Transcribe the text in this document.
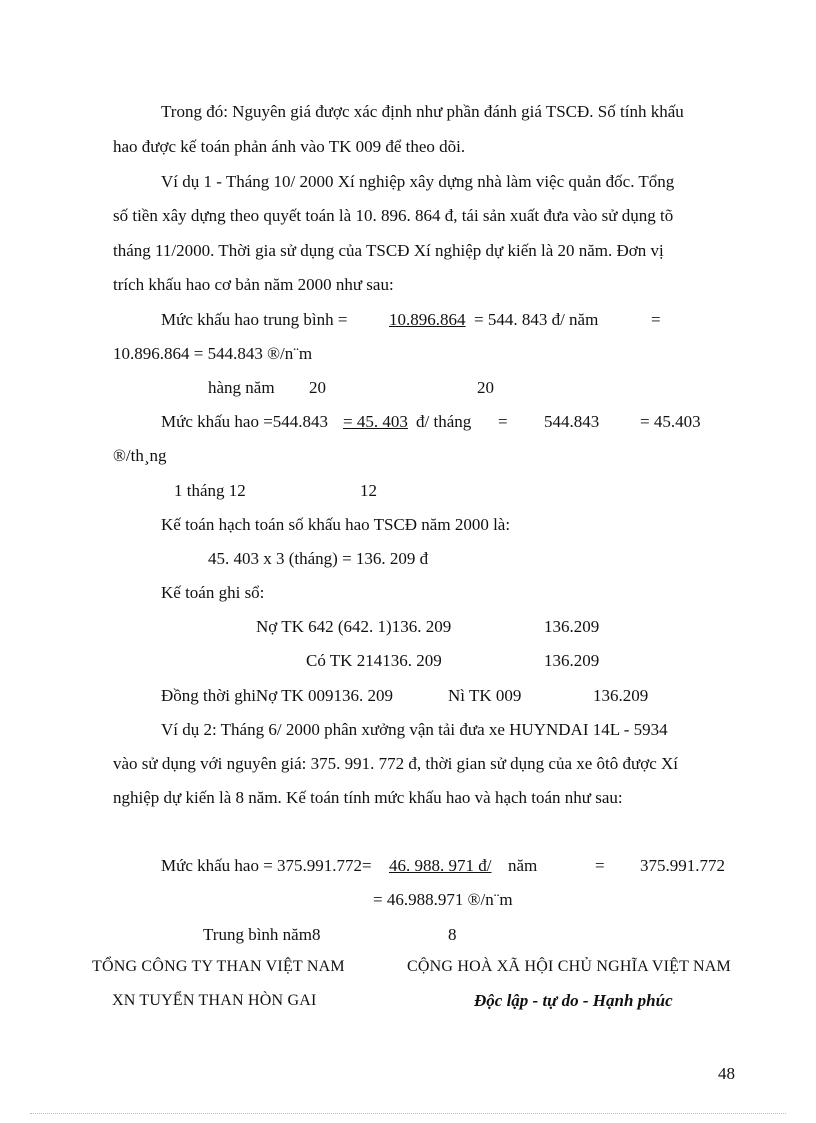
Trong đó: Nguyên giá được xác định như phần đánh giá TSCĐ. Số tính khấu
hao được kế toán phản ánh vào TK 009 để theo dõi.
Ví dụ 1 - Tháng 10/ 2000 Xí nghiệp xây dựng nhà làm việc quản đốc. Tổng
số tiền xây dựng theo quyết toán là 10. 896. 864 đ, tái sản xuất đưa vào sử dụng tõ
tháng 11/2000. Thời gia sử dụng của TSCĐ Xí nghiệp dự kiến là 20 năm. Đơn vị
trích khấu hao cơ bản năm 2000 như sau:
Mức khấu hao trung bình = 10.896.864 = 544. 843 đ/ năm	=
10.896.864 = 544.843 ®/n¨m
hàng năm 20	20
Mức khấu hao =544.843 = 45. 403 đ/ tháng = 544.843 = 45.403
®/th¸ng
1 tháng 12	12
Kế toán hạch toán số khấu hao TSCĐ năm 2000 là:
45. 403 x 3 (tháng) = 136. 209 đ
Kế toán ghi sổ:
Nợ TK 642 (642. 1)136. 209	136.209
Có TK 214136. 209	136.209
Đồng thời ghiNợ TK 009136. 209	Nì TK 009	136.209
Ví dụ 2: Tháng 6/ 2000 phân xưởng vận tải đưa xe HUYNDAI 14L - 5934
vào sử dụng với nguyên giá: 375. 991. 772 đ, thời gian sử dụng của xe ôtô được Xí
nghiệp dự kiến là 8 năm. Kế toán tính mức khấu hao và hạch toán như sau:
Mức khấu hao = 375.991.772= 46. 988. 971 đ/ năm	= 375.991.772
= 46.988.971 ®/n¨m
Trung bình năm8	8
TỔNG CÔNG TY THAN VIỆT NAM	CỘNG HOÀ XÃ HỘI CHỦ NGHĨA VIỆT NAM
XN TUYỂN THAN HÒN GAI	Độc lập - tự do - Hạnh phúc
48
